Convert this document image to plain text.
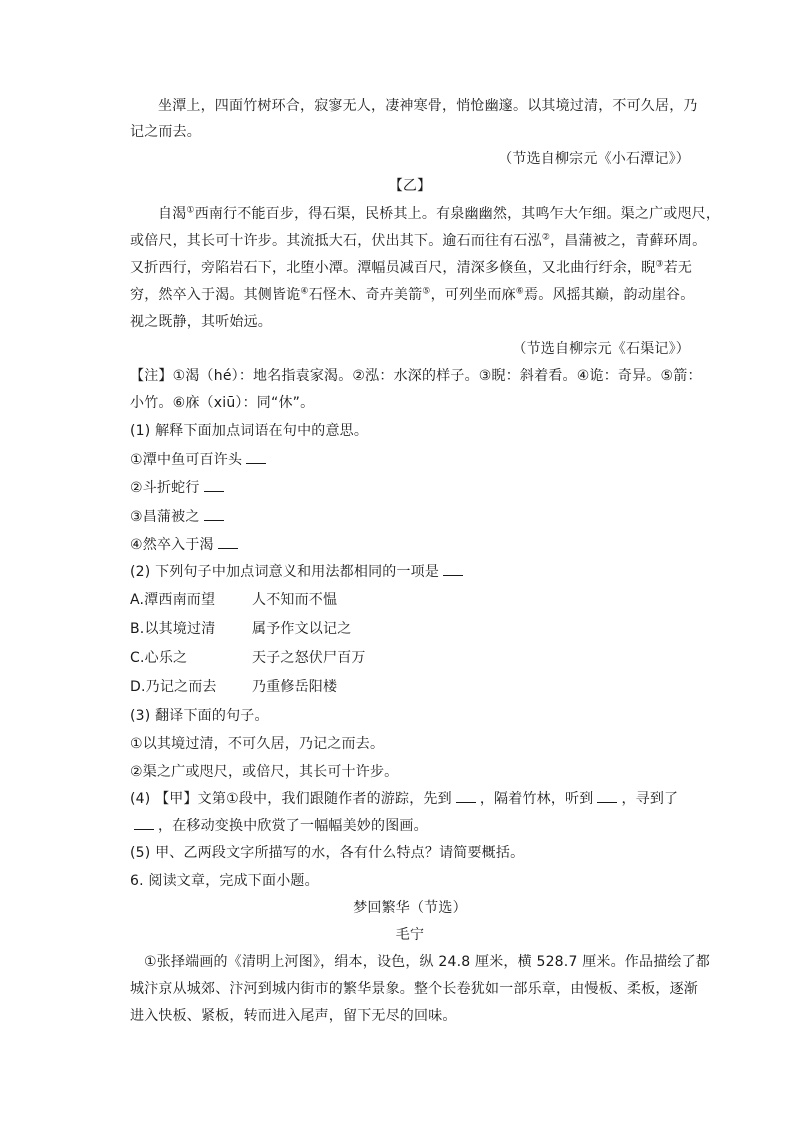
坐潭上，四面竹树环合，寂寥无人，凄神寒骨，悄怆幽邃。以其境过清，不可久居，乃
记之而去。
（节选自柳宗元《小石潭记》）
【乙】
自渴①西南行不能百步，得石渠，民桥其上。有泉幽幽然，其鸣乍大乍细。渠之广或咫尺，
或倍尺，其长可十许步。其流抵大石，伏出其下。逾石而往有石泓②，昌蒲被之，青藓环周。
又折西行，旁陷岩石下，北堕小潭。潭幅员减百尺，清深多倏鱼，又北曲行纡余，睨③若无
穷，然卒入于渴。其侧皆诡④石怪木、奇卉美箭⑤，可列坐而庥⑥焉。风摇其巅，韵动崖谷。
视之既静，其听始远。
（节选自柳宗元《石渠记》）
【注】①渴（hé）：地名指袁家渴。②泓：水深的样子。③睨：斜着看。④诡：奇异。⑤箭：
小竹。⑥庥（xiū）：同“休”。
(1) 解释下面加点词语在句中的意思。
①潭中鱼可百许头
②斗折蛇行
③昌蒲被之
④然卒入于渴
(2) 下列句子中加点词意义和用法都相同的一项是
A.潭西南而望	人不知而不愠
B.以其境过清	属予作文以记之
C.心乐之	天子之怒伏尸百万
D.乃记之而去	乃重修岳阳楼
(3) 翻译下面的句子。
①以其境过清，不可久居，乃记之而去。
②渠之广或咫尺，或倍尺，其长可十许步。
(4) 【甲】文第①段中，我们跟随作者的游踪，先到 ，隔着竹林，听到 ，寻到了
，在移动变换中欣赏了一幅幅美妙的图画。
(5) 甲、乙两段文字所描写的水，各有什么特点？请简要概括。
6. 阅读文章，完成下面小题。
梦回繁华（节选）
毛宁
①张择端画的《清明上河图》，绢本，设色，纵 24.8 厘米，横 528.7 厘米。作品描绘了都
城汴京从城郊、汴河到城内街市的繁华景象。整个长卷犹如一部乐章，由慢板、柔板，逐渐
进入快板、紧板，转而进入尾声，留下无尽的回味。
